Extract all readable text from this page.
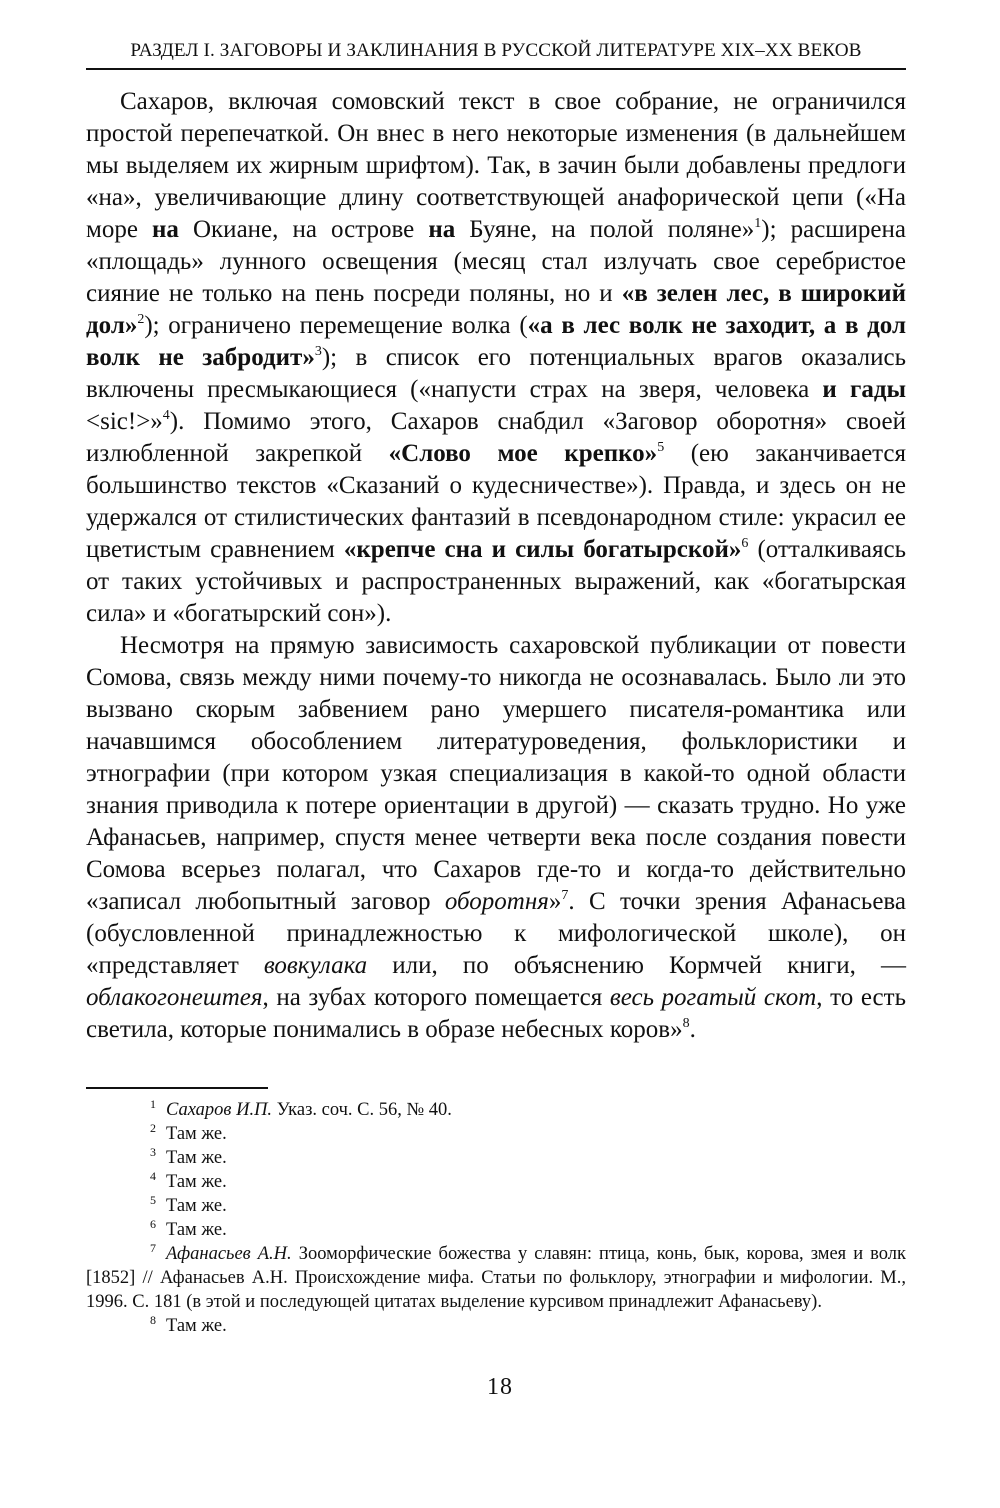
РАЗДЕЛ I. ЗАГОВОРЫ И ЗАКЛИНАНИЯ В РУССКОЙ ЛИТЕРАТУРЕ XIX–XX ВЕКОВ

Сахаров, включая сомовский текст в свое собрание, не ограничился простой перепечаткой. Он внес в него некоторые изменения (в дальнейшем мы выделяем их жирным шрифтом). Так, в зачин были добавлены предлоги «на», увеличивающие длину соответствующей анафорической цепи («На море на Окиане, на острове на Буяне, на полой поляне»$^1$); расширена «площадь» лунного освещения (месяц стал излучать свое серебристое сияние не только на пень посреди поляны, но и «в зелен лес, в широкий дол»$^2$); ограничено перемещение волка («а в лес волк не заходит, а в дол волк не забродит»$^3$); в список его потенциальных врагов оказались включены пресмыкающиеся («напусти страх на зверя, человека и гады <sic!>»$^4$). Помимо этого, Сахаров снабдил «Заговор оборотня» своей излюбленной закрепкой «Слово мое крепко»$^5$ (ею заканчивается большинство текстов «Сказаний о кудесничестве»). Правда, и здесь он не удержался от стилистических фантазий в псевдонародном стиле: украсил ее цветистым сравнением «крепче сна и силы богатырской»$^6$ (отталкиваясь от таких устойчивых и распространенных выражений, как «богатырская сила» и «богатырский сон»).

Несмотря на прямую зависимость сахаровской публикации от повести Сомова, связь между ними почему-то никогда не осознавалась. Было ли это вызвано скорым забвением рано умершего писателя-романтика или начавшимся обособлением литературоведения, фольклористики и этнографии (при котором узкая специализация в какой-то одной области знания приводила к потере ориентации в другой) — сказать трудно. Но уже Афанасьев, например, спустя менее четверти века после создания повести Сомова всерьез полагал, что Сахаров где-то и когда-то действительно «записал любопытный заговор оборотня»$^7$. С точки зрения Афанасьева (обусловленной принадлежностью к мифологической школе), он «представляет вовкулака или, по объяснению Кормчей книги, — облакогонештея, на зубах которого помещается весь рогатый скот, то есть светила, которые понимались в образе небесных коров»$^8$.

$^1$ Сахаров И.П. Указ. соч. С. 56, № 40.

$^2$ Там же.

$^3$ Там же.

$^4$ Там же.

$^5$ Там же.

$^6$ Там же.

$^7$ Афанасьев А.Н. Зооморфические божества у славян: птица, конь, бык, корова, змея и волк [1852] // Афанасьев А.Н. Происхождение мифа. Статьи по фольклору, этнографии и мифологии. М., 1996. С. 181 (в этой и последующей цитатах выделение курсивом принадлежит Афанасьеву).

$^8$ Там же.

18
